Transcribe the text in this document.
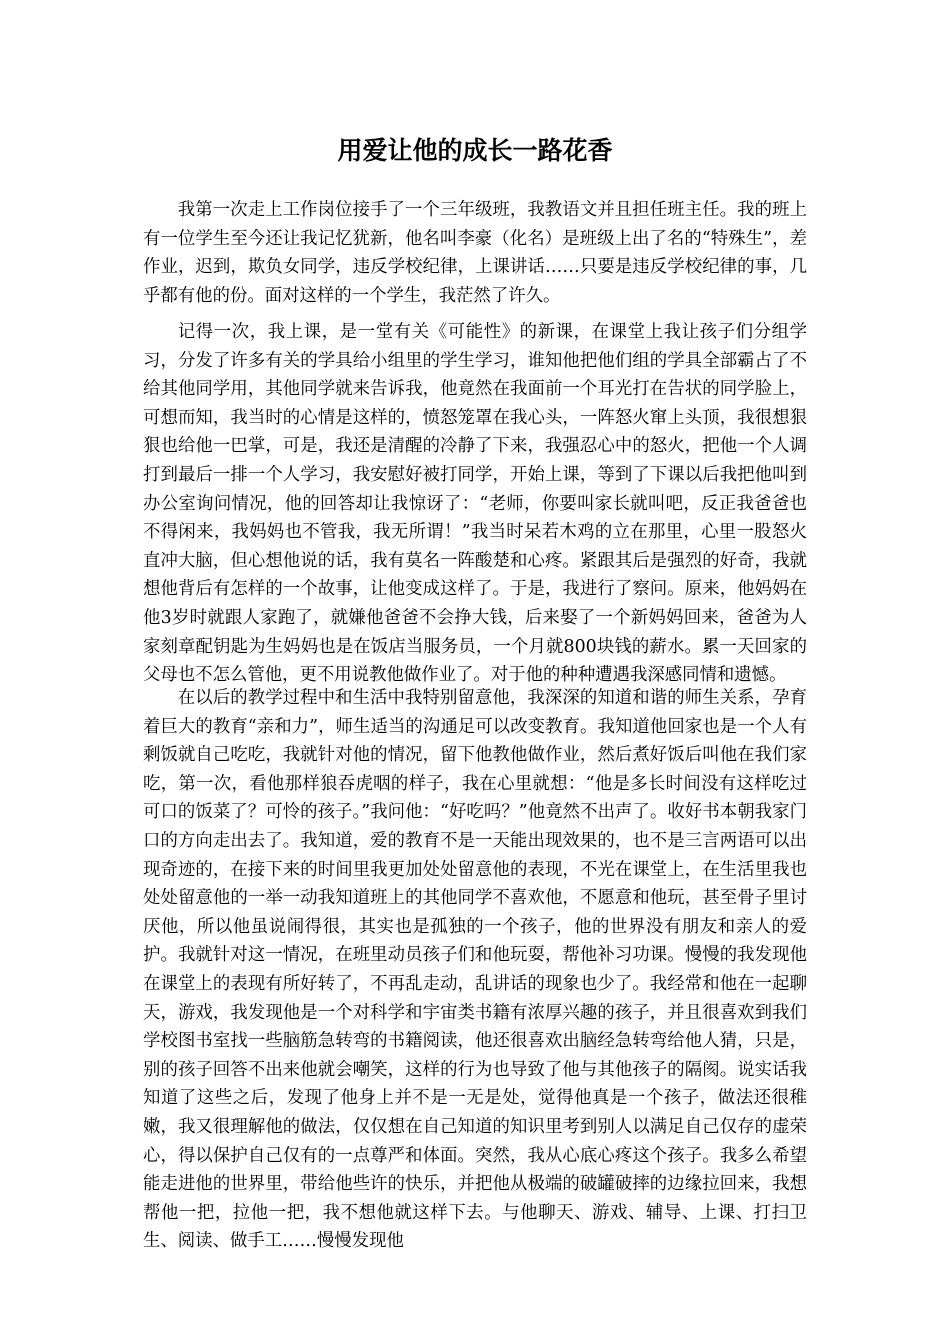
用爱让他的成长一路花香

我第一次走上工作岗位接手了一个三年级班，我教语文并且担任班主任。我的班上有一位学生至今还让我记忆犹新，他名叫李豪（化名）是班级上出了名的“特殊生”，差作业，迟到，欺负女同学，违反学校纪律，上课讲话……只要是违反学校纪律的事，几乎都有他的份。面对这样的一个学生，我茫然了许久。

记得一次，我上课，是一堂有关《可能性》的新课，在课堂上我让孩子们分组学习，分发了许多有关的学具给小组里的学生学习，谁知他把他们组的学具全部霸占了不给其他同学用，其他同学就来告诉我，他竟然在我面前一个耳光打在告状的同学脸上，可想而知，我当时的心情是这样的，愤怒笼罩在我心头，一阵怒火窜上头顶，我很想狠狠也给他一巴掌，可是，我还是清醒的冷静了下来，我强忍心中的怒火，把他一个人调打到最后一排一个人学习，我安慰好被打同学，开始上课，等到了下课以后我把他叫到办公室询问情况，他的回答却让我惊讶了：“老师，你要叫家长就叫吧，反正我爸爸也不得闲来，我妈妈也不管我，我无所谓！”我当时呆若木鸡的立在那里，心里一股怒火直冲大脑，但心想他说的话，我有莫名一阵酸楚和心疼。紧跟其后是强烈的好奇，我就想他背后有怎样的一个故事，让他变成这样了。于是，我进行了察问。原来，他妈妈在他3岁时就跟人家跑了，就嫌他爸爸不会挣大钱，后来娶了一个新妈妈回来，爸爸为人家刻章配钥匙为生妈妈也是在饭店当服务员，一个月就800块钱的薪水。累一天回家的父母也不怎么管他，更不用说教他做作业了。对于他的种种遭遇我深感同情和遗憾。

在以后的教学过程中和生活中我特别留意他，我深深的知道和谐的师生关系，孕育着巨大的教育“亲和力”，师生适当的沟通足可以改变教育。我知道他回家也是一个人有剩饭就自己吃吃，我就针对他的情况，留下他教他做作业，然后煮好饭后叫他在我们家吃，第一次，看他那样狼吞虎咽的样子，我在心里就想：“他是多长时间没有这样吃过可口的饭菜了？可怜的孩子。”我问他：“好吃吗？”他竟然不出声了。收好书本朝我家门口的方向走出去了。我知道，爱的教育不是一天能出现效果的，也不是三言两语可以出现奇迹的，在接下来的时间里我更加处处留意他的表现，不光在课堂上，在生活里我也处处留意他的一举一动我知道班上的其他同学不喜欢他，不愿意和他玩，甚至骨子里讨厌他，所以他虽说闹得很，其实也是孤独的一个孩子，他的世界没有朋友和亲人的爱护。我就针对这一情况，在班里动员孩子们和他玩耍，帮他补习功课。慢慢的我发现他在课堂上的表现有所好转了，不再乱走动，乱讲话的现象也少了。我经常和他在一起聊天，游戏，我发现他是一个对科学和宇宙类书籍有浓厚兴趣的孩子，并且很喜欢到我们学校图书室找一些脑筋急转弯的书籍阅读，他还很喜欢出脑经急转弯给他人猜，只是，别的孩子回答不出来他就会嘲笑，这样的行为也导致了他与其他孩子的隔阂。说实话我知道了这些之后，发现了他身上并不是一无是处，觉得他真是一个孩子，做法还很稚嫩，我又很理解他的做法，仅仅想在自己知道的知识里考到别人以满足自己仅存的虚荣心，得以保护自己仅有的一点尊严和体面。突然，我从心底心疼这个孩子。我多么希望能走进他的世界里，带给他些许的快乐，并把他从极端的破罐破摔的边缘拉回来，我想帮他一把，拉他一把，我不想他就这样下去。与他聊天、游戏、辅导、上课、打扫卫生、阅读、做手工……慢慢发现他
